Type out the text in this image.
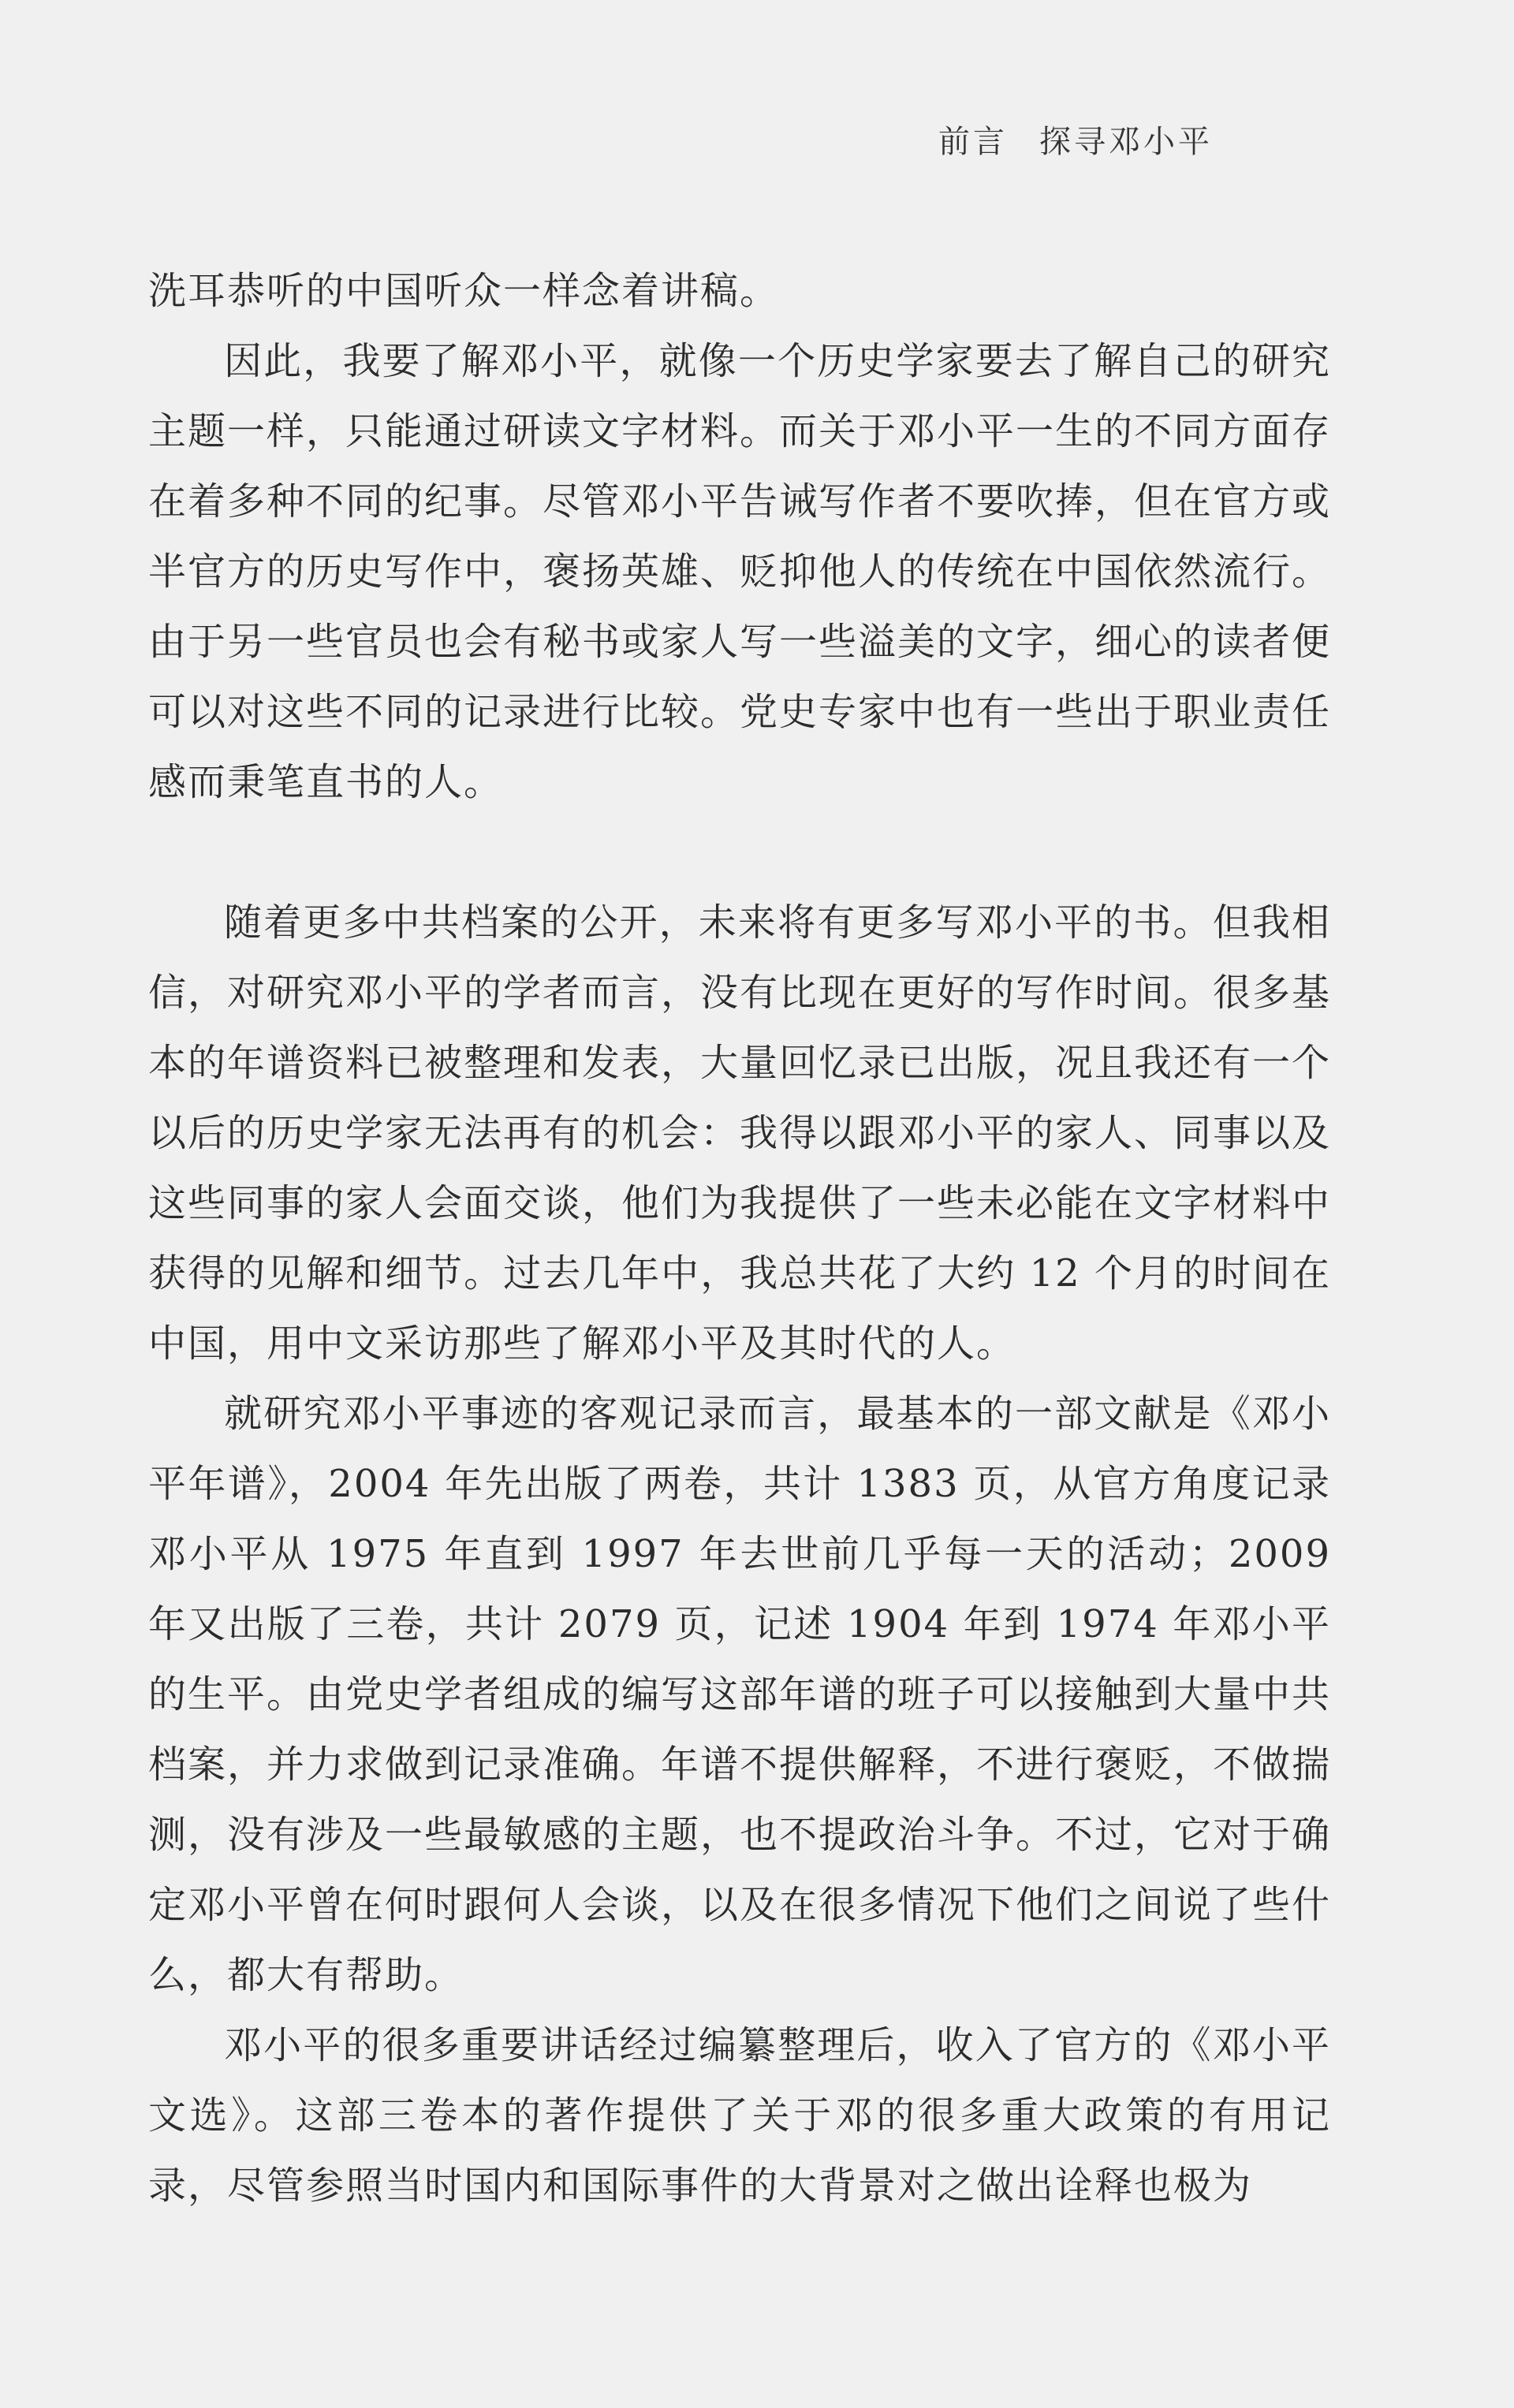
前言 探寻邓小平

洗耳恭听的中国听众一样念着讲稿。

因此，我要了解邓小平，就像一个历史学家要去了解自己的研究主题一样，只能通过研读文字材料。而关于邓小平一生的不同方面存在着多种不同的纪事。尽管邓小平告诫写作者不要吹捧，但在官方或半官方的历史写作中，褒扬英雄、贬抑他人的传统在中国依然流行。由于另一些官员也会有秘书或家人写一些溢美的文字，细心的读者便可以对这些不同的记录进行比较。党史专家中也有一些出于职业责任感而秉笔直书的人。

随着更多中共档案的公开，未来将有更多写邓小平的书。但我相信，对研究邓小平的学者而言，没有比现在更好的写作时间。很多基本的年谱资料已被整理和发表，大量回忆录已出版，况且我还有一个以后的历史学家无法再有的机会：我得以跟邓小平的家人、同事以及这些同事的家人会面交谈，他们为我提供了一些未必能在文字材料中获得的见解和细节。过去几年中，我总共花了大约 12 个月的时间在中国，用中文采访那些了解邓小平及其时代的人。

就研究邓小平事迹的客观记录而言，最基本的一部文献是《邓小平年谱》，2004 年先出版了两卷，共计 1383 页，从官方角度记录邓小平从 1975 年直到 1997 年去世前几乎每一天的活动；2009 年又出版了三卷，共计 2079 页，记述 1904 年到 1974 年邓小平的生平。由党史学者组成的编写这部年谱的班子可以接触到大量中共档案，并力求做到记录准确。年谱不提供解释，不进行褒贬，不做揣测，没有涉及一些最敏感的主题，也不提政治斗争。不过，它对于确定邓小平曾在何时跟何人会谈，以及在很多情况下他们之间说了些什么，都大有帮助。

邓小平的很多重要讲话经过编纂整理后，收入了官方的《邓小平文选》。这部三卷本的著作提供了关于邓的很多重大政策的有用记录，尽管参照当时国内和国际事件的大背景对之做出诠释也极为
